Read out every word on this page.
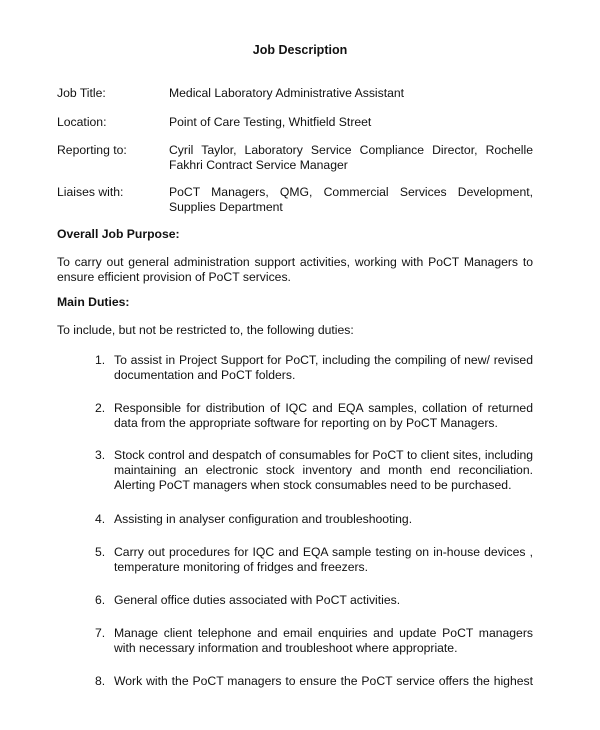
Job Description
Job Title:	Medical Laboratory Administrative Assistant
Location:	Point of Care Testing, Whitfield Street
Reporting to:	Cyril Taylor, Laboratory Service Compliance Director, Rochelle Fakhri Contract Service Manager
Liaises with:	PoCT Managers, QMG, Commercial Services Development, Supplies Department
Overall Job Purpose:
To carry out general administration support activities, working with PoCT Managers to ensure efficient provision of PoCT services.
Main Duties:
To include, but not be restricted to, the following duties:
1. To assist in Project Support for PoCT, including the compiling of new/ revised documentation and PoCT folders.
2. Responsible for distribution of IQC and EQA samples, collation of returned data from the appropriate software for reporting on by PoCT Managers.
3. Stock control and despatch of consumables for PoCT to client sites, including maintaining an electronic stock inventory and month end reconciliation. Alerting PoCT managers when stock consumables need to be purchased.
4. Assisting in analyser configuration and troubleshooting.
5. Carry out procedures for IQC and EQA sample testing on in-house devices , temperature monitoring of fridges and freezers.
6. General office duties associated with PoCT activities.
7. Manage client telephone and email enquiries and update PoCT managers with necessary information and troubleshoot where appropriate.
8. Work with the PoCT managers to ensure the PoCT service offers the highest
